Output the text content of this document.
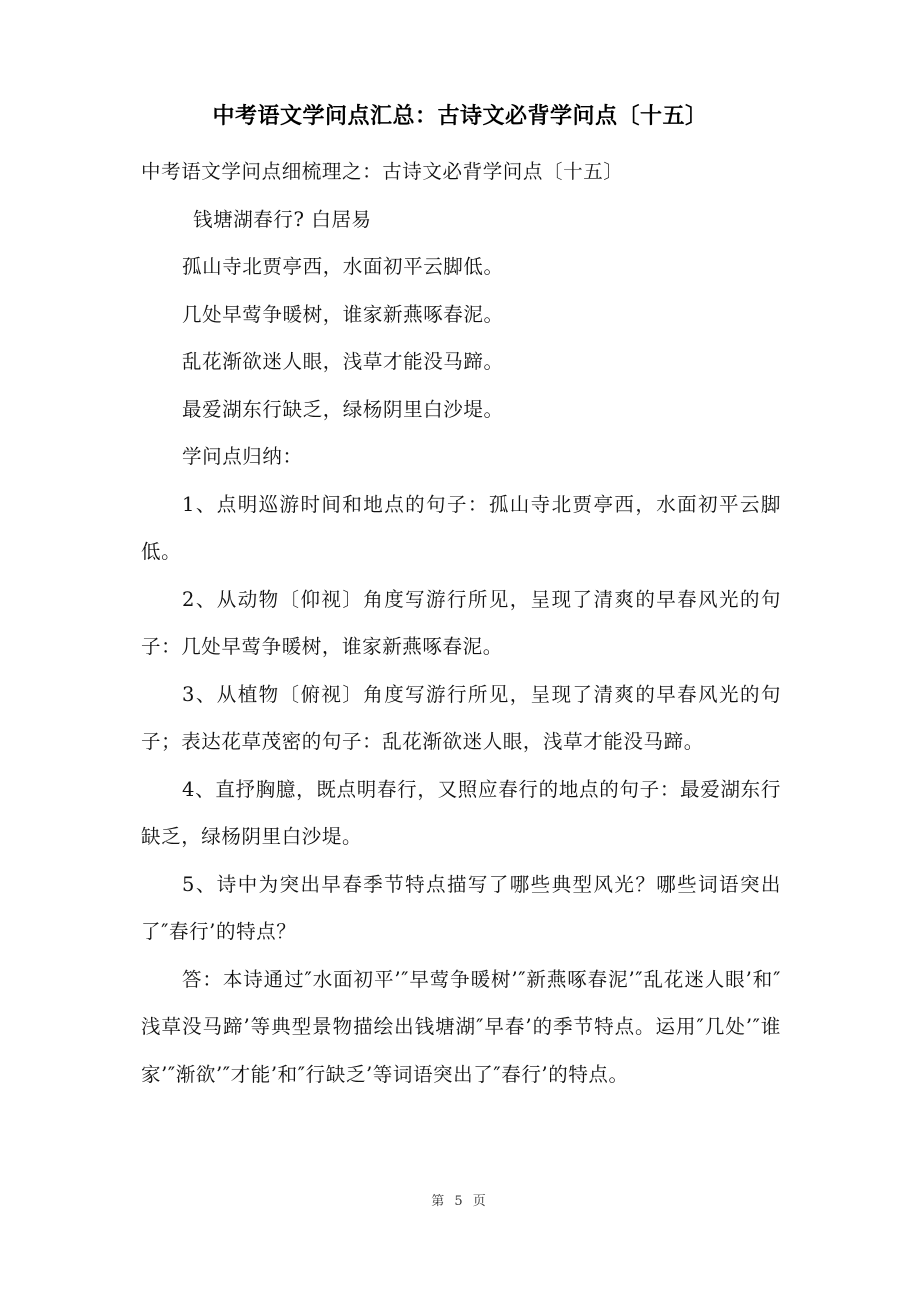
中考语文学问点汇总：古诗文必背学问点〔十五〕

中考语文学问点细梳理之：古诗文必背学问点〔十五〕

钱塘湖春行? 白居易

孤山寺北贾亭西，水面初平云脚低。

几处早莺争暖树，谁家新燕啄春泥。

乱花渐欲迷人眼，浅草才能没马蹄。

最爱湖东行缺乏，绿杨阴里白沙堤。

学问点归纳：

1、点明巡游时间和地点的句子：孤山寺北贾亭西，水面初平云脚低。

2、从动物〔仰视〕角度写游行所见，呈现了清爽的早春风光的句子：几处早莺争暖树，谁家新燕啄春泥。

3、从植物〔俯视〕角度写游行所见，呈现了清爽的早春风光的句子；表达花草茂密的句子：乱花渐欲迷人眼，浅草才能没马蹄。

4、直抒胸臆，既点明春行，又照应春行的地点的句子：最爱湖东行缺乏，绿杨阴里白沙堤。

5、诗中为突出早春季节特点描写了哪些典型风光？哪些词语突出了″春行’的特点？

答：本诗通过″水面初平’″早莺争暖树’″新燕啄春泥’″乱花迷人眼’和″浅草没马蹄’等典型景物描绘出钱塘湖″早春’的季节特点。运用″几处’″谁家’″渐欲’″才能’和″行缺乏’等词语突出了″春行’的特点。

第 5 页
